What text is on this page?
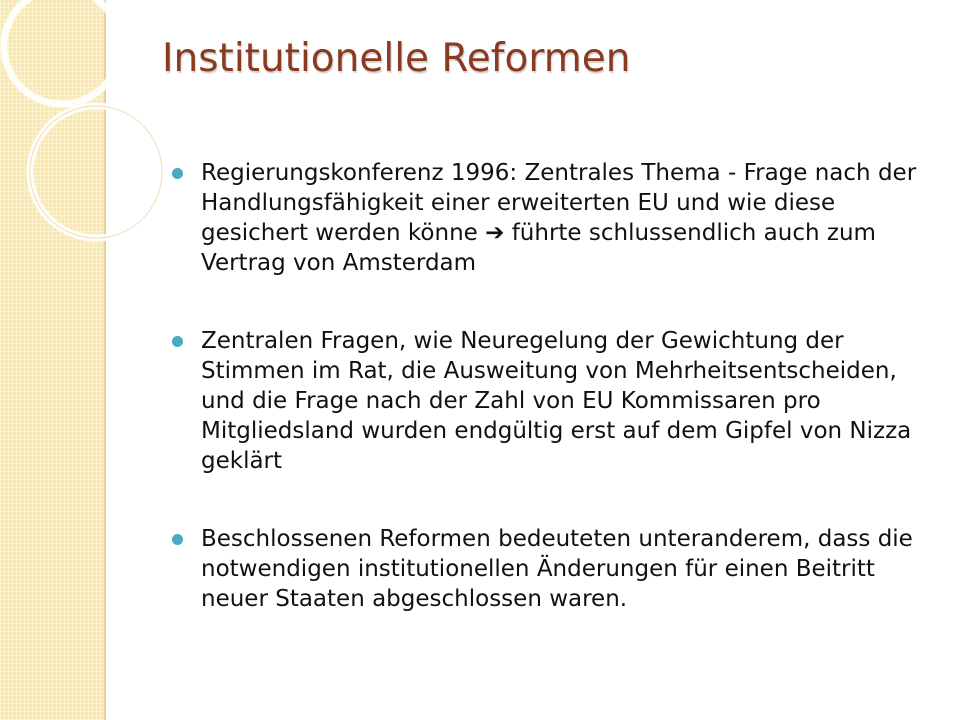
Institutionelle Reformen
Regierungskonferenz 1996: Zentrales Thema - Frage nach der Handlungsfähigkeit einer erweiterten EU und wie diese gesichert werden könne ➔ führte schlussendlich auch zum Vertrag von Amsterdam
Zentralen Fragen, wie Neuregelung der Gewichtung der Stimmen im Rat, die Ausweitung von Mehrheitsentscheiden, und die Frage nach der Zahl von EU Kommissaren pro Mitgliedsland wurden endgültig erst auf dem Gipfel von Nizza geklärt
Beschlossenen Reformen bedeuteten unteranderem, dass die notwendigen institutionellen Änderungen für einen Beitritt neuer Staaten abgeschlossen waren.
